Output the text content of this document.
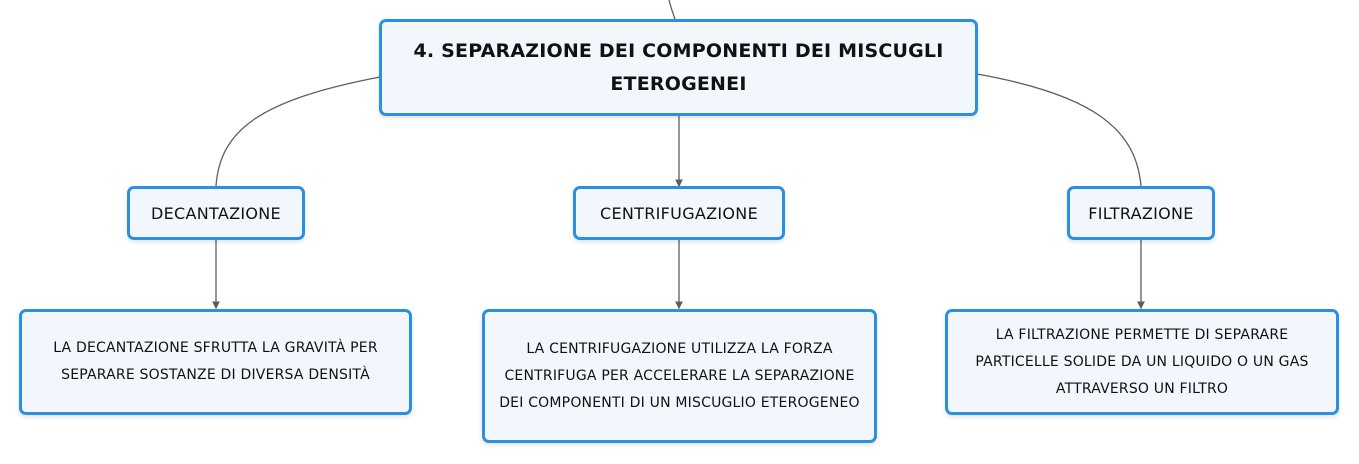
4. SEPARAZIONE DEI COMPONENTI DEI MISCUGLI
ETEROGENEI
DECANTAZIONE	CENTRIFUGAZIONE	FILTRAZIONE
LA DECANTAZIONE SFRUTTA LA GRAVITÀ PER SEPARARE SOSTANZE DI DIVERSA DENSITÀ
LA CENTRIFUGAZIONE UTILIZZA LA FORZA CENTRIFUGA PER ACCELERARE LA SEPARAZIONE DEI COMPONENTI DI UN MISCUGLIO ETEROGENEO
LA FILTRAZIONE PERMETTE DI SEPARARE PARTICELLE SOLIDE DA UN LIQUIDO O UN GAS ATTRAVERSO UN FILTRO
